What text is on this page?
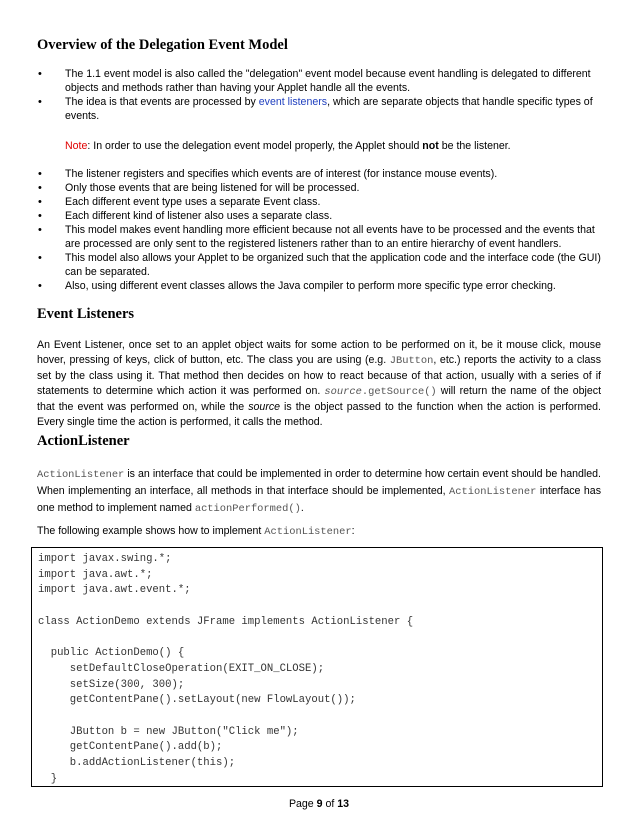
Overview of the Delegation Event Model
• The 1.1 event model is also called the "delegation" event model because event handling is delegated to different objects and methods rather than having your Applet handle all the events.
• The idea is that events are processed by event listeners, which are separate objects that handle specific types of events.
Note: In order to use the delegation event model properly, the Applet should not be the listener.
• The listener registers and specifies which events are of interest (for instance mouse events).
• Only those events that are being listened for will be processed.
• Each different event type uses a separate Event class.
• Each different kind of listener also uses a separate class.
• This model makes event handling more efficient because not all events have to be processed and the events that are processed are only sent to the registered listeners rather than to an entire hierarchy of event handlers.
• This model also allows your Applet to be organized such that the application code and the interface code (the GUI) can be separated.
• Also, using different event classes allows the Java compiler to perform more specific type error checking.
Event Listeners

An Event Listener, once set to an applet object waits for some action to be performed on it, be it mouse click, mouse hover, pressing of keys, click of button, etc. The class you are using (e.g. JButton, etc.) reports the activity to a class set by the class using it. That method then decides on how to react because of that action, usually with a series of if statements to determine which action it was performed on. source.getSource() will return the name of the object that the event was performed on, while the source is the object passed to the function when the action is performed. Every single time the action is performed, it calls the method.

ActionListener

ActionListener is an interface that could be implemented in order to determine how certain event should be handled. When implementing an interface, all methods in that interface should be implemented, ActionListener interface has one method to implement named actionPerformed().

The following example shows how to implement ActionListener:

import javax.swing.*;
import java.awt.*;
import java.awt.event.*;

class ActionDemo extends JFrame implements ActionListener {

public ActionDemo() {
setDefaultCloseOperation(EXIT_ON_CLOSE);
setSize(300, 300);
getContentPane().setLayout(new FlowLayout());

JButton b = new JButton("Click me");
getContentPane().add(b);
b.addActionListener(this);
}

Page 9 of 13
